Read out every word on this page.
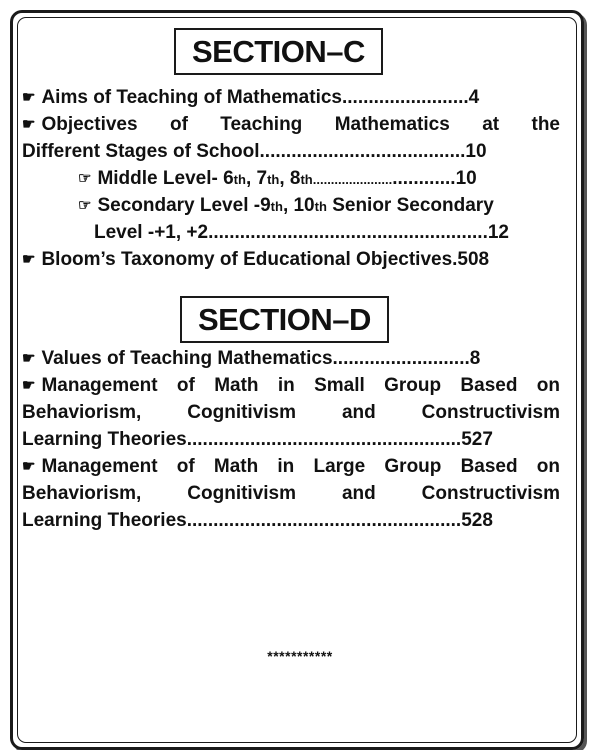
SECTION–C
☛ Aims of Teaching of Mathematics........................4
☛ Objectives of Teaching Mathematics at the
Different Stages of School.......................................10
☞ Middle Level- 6th, 7th, 8th..................................10
☞ Secondary Level -9th, 10th Senior Secondary
Level -+1, +2.....................................................12
☛ Bloom’s Taxonomy of Educational Objectives.508
SECTION–D
☛ Values of Teaching Mathematics..........................8
☛ Management of Math in Small Group Based on
Behaviorism, Cognitivism and Constructivism
Learning Theories....................................................527
☛ Management of Math in Large Group Based on
Behaviorism, Cognitivism and Constructivism
Learning Theories....................................................528
***********
